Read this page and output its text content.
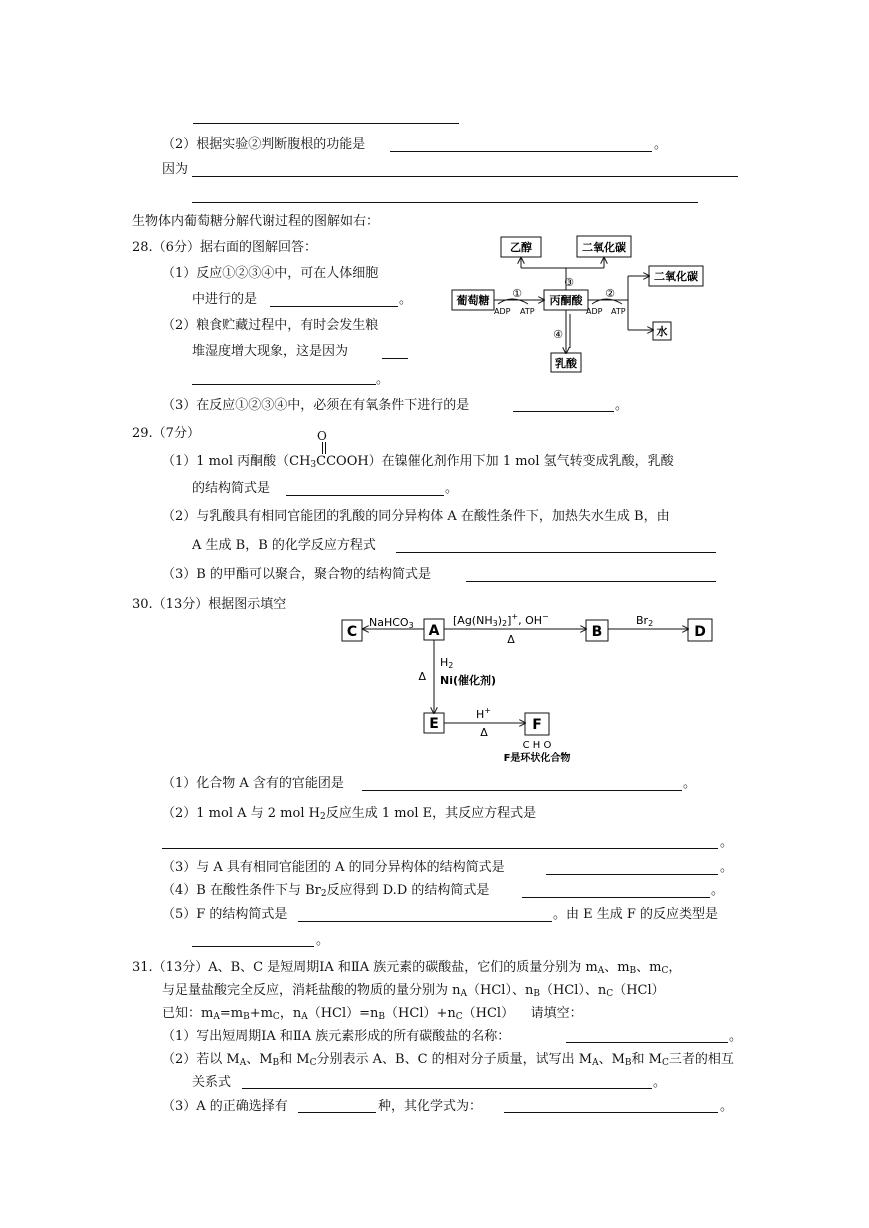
（2）根据实验②判断腹根的功能是	。
因为
生物体内葡萄糖分解代谢过程的图解如右：
28.（6分）据右面的图解回答：
（1）反应①②③④中，可在人体细胞
中进行的是	。
（2）粮食贮藏过程中，有时会发生粮
堆湿度增大现象，这是因为
。
（3）在反应①②③④中，必须在有氧条件下进行的是	。
乙醇	二氧化碳
二氧化碳
葡萄糖	丙酮酸
水
乳酸
①
ADP ATP
③
②
ADP ATP
④
29.（7分）	O
（1）1 mol 丙酮酸$(CH_3CCOOH)$在镍催化剂作用下加 1 mol 氢气转变成乳酸，乳酸
的结构简式是	。
（2）与乳酸具有相同官能团的乳酸的同分异构体 A 在酸性条件下，加热失水生成 B，由
A 生成 B，B 的化学反应方程式
（3）B 的甲酯可以聚合，聚合物的结构简式是
30.（13分）根据图示填空
C	A	B	D
E	F
NaHCO3	[Ag(NH3)2]+, OH−
Δ
Br2
H2
Ni(催化剂)
Δ
H+
Δ
C H O
F是环状化合物
（1）化合物 A 含有的官能团是	。
（2）1 mol A 与 2 mol $H_2$反应生成 1 mol E，其反应方程式是
。
（3）与 A 具有相同官能团的 A 的同分异构体的结构简式是	。
（4）B 在酸性条件下与 $Br_2$反应得到 D.D 的结构简式是	。
（5）F 的结构简式是	。由 E 生成 F 的反应类型是
。
31.（13分）A、B、C 是短周期ⅠA 和ⅡA 族元素的碳酸盐，它们的质量分别为 $m_A$、$m_B$、$m_C$，
与足量盐酸完全反应，消耗盐酸的物质的量分别为 $n_A(HCl)$、$n_B(HCl)$、$n_C(HCl)$
已知：$m_A=m_B+m_C$，$n_A(HCl)=n_B(HCl)+n_C(HCl)$    请填空：
（1）写出短周期ⅠA 和ⅡA 族元素形成的所有碳酸盐的名称：	。
（2）若以 $M_A$、$M_B$和 $M_C$分别表示 A、B、C 的相对分子质量，试写出 $M_A$、$M_B$和 $M_C$三者的相互
关系式	。
（3）A 的正确选择有	种，其化学式为：	。
